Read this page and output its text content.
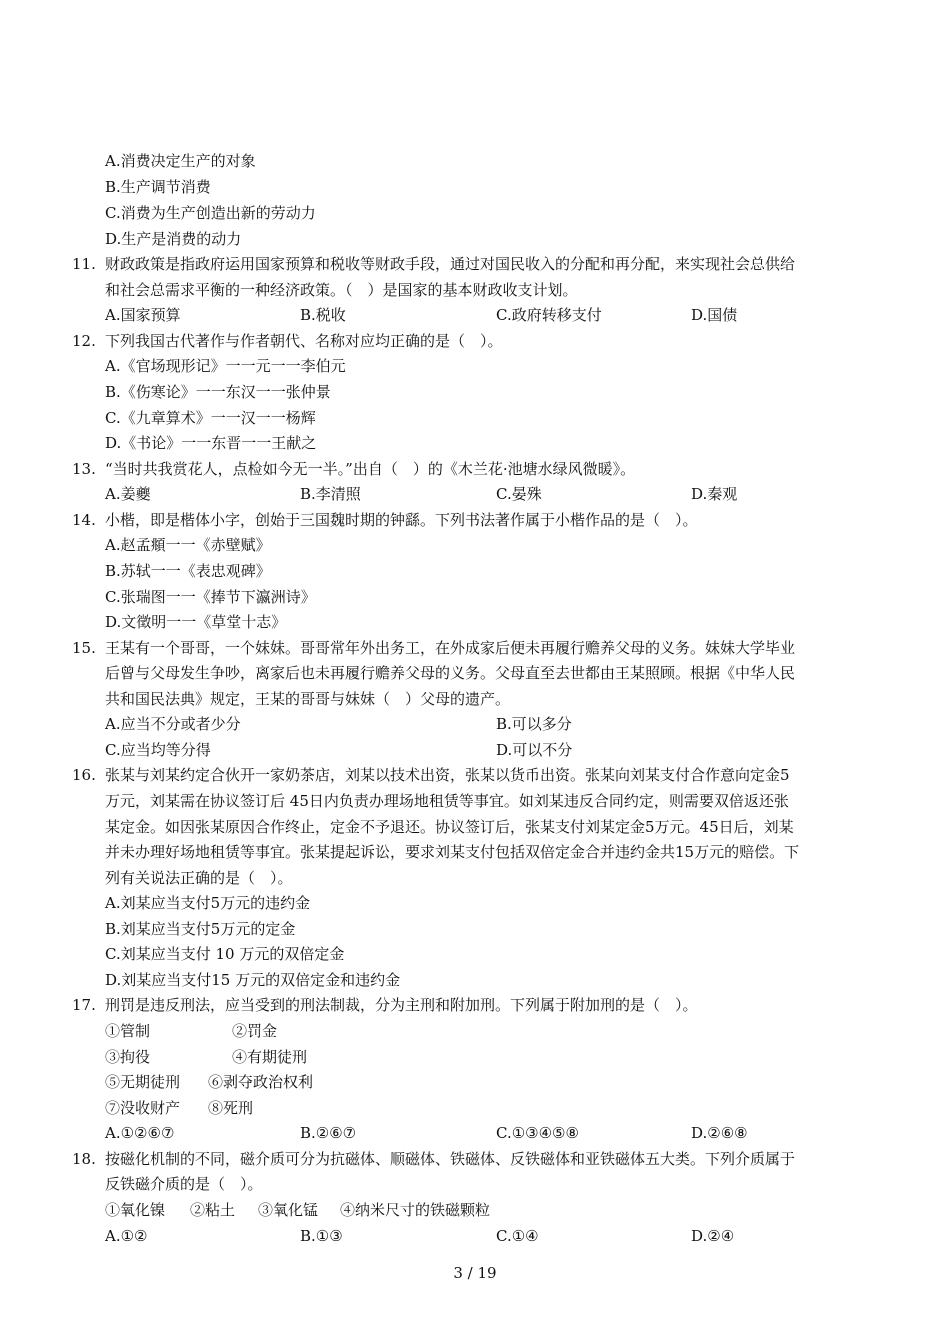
A.消费决定生产的对象
B.生产调节消费
C.消费为生产创造出新的劳动力
D.生产是消费的动力
11. 财政政策是指政府运用国家预算和税收等财政手段，通过对国民收入的分配和再分配，来实现社会总供给
和社会总需求平衡的一种经济政策。（　）是国家的基本财政收支计划。
A.国家预算	B.税收	C.政府转移支付	D.国债
12. 下列我国古代著作与作者朝代、名称对应均正确的是（　）。
A.《官场现形记》一一元一一李伯元
B.《伤寒论》一一东汉一一张仲景
C.《九章算术》一一汉一一杨辉
D.《书论》一一东晋一一王献之
13. “当时共我赏花人，点检如今无一半。”出自（　）的《木兰花·池塘水绿风微暖》。
A.姜夔	B.李清照	C.晏殊	D.秦观
14. 小楷，即是楷体小字，创始于三国魏时期的钟繇。下列书法著作属于小楷作品的是（　）。
A.赵孟頫一一《赤壁赋》
B.苏轼一一《表忠观碑》
C.张瑞图一一《捧节下瀛洲诗》
D.文徵明一一《草堂十志》
15. 王某有一个哥哥，一个妹妹。哥哥常年外出务工，在外成家后便未再履行赡养父母的义务。妹妹大学毕业
后曾与父母发生争吵，离家后也未再履行赡养父母的义务。父母直至去世都由王某照顾。根据《中华人民
共和国民法典》规定，王某的哥哥与妹妹（　）父母的遗产。
A.应当不分或者少分	B.可以多分
C.应当均等分得	D.可以不分
16. 张某与刘某约定合伙开一家奶茶店，刘某以技术出资，张某以货币出资。张某向刘某支付合作意向定金5
万元，刘某需在协议签订后 45日内负责办理场地租赁等事宜。如刘某违反合同约定，则需要双倍返还张
某定金。如因张某原因合作终止，定金不予退还。协议签订后，张某支付刘某定金5万元。45日后，刘某
并未办理好场地租赁等事宜。张某提起诉讼，要求刘某支付包括双倍定金合并违约金共15万元的赔偿。下
列有关说法正确的是（　）。
A.刘某应当支付5万元的违约金
B.刘某应当支付5万元的定金
C.刘某应当支付 10 万元的双倍定金
D.刘某应当支付15 万元的双倍定金和违约金
17. 刑罚是违反刑法，应当受到的刑法制裁，分为主刑和附加刑。下列属于附加刑的是（　）。
①管制	②罚金
③拘役	④有期徒刑
⑤无期徒刑 ⑥剥夺政治权利
⑦没收财产 ⑧死刑
A.①②⑥⑦	B.②⑥⑦	C.①③④⑤⑧	D.②⑥⑧
18. 按磁化机制的不同，磁介质可分为抗磁体、顺磁体、铁磁体、反铁磁体和亚铁磁体五大类。下列介质属于
反铁磁介质的是（　）。
①氧化镍 ②粘土 ③氧化锰 ④纳米尺寸的铁磁颗粒
A.①②	B.①③	C.①④	D.②④
3 / 19
